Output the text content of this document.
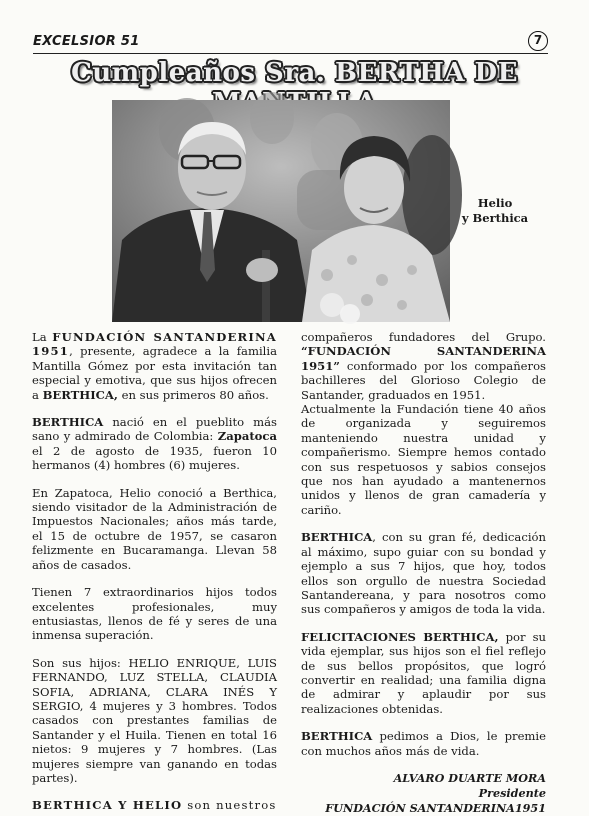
EXCELSIOR 51	7
Cumpleaños Sra. BERTHA DE
Helio
y Berthica

La FUNDACIÓN SANTANDERINA 1951, presente, agradece a la familia Mantilla Gómez por esta invitación tan especial y emotiva, que sus hijos ofrecen a BERTHICA, en sus primeros 80 años.

BERTHICA nació en el pueblito más sano y admirado de Colombia: Zapatoca el 2 de agosto de 1935, fueron 10 hermanos (4) hombres (6) mujeres.

En Zapatoca, Helio conoció a Berthica, siendo visitador de la Administración de Impuestos Nacionales; años más tarde, el 15 de octubre de 1957, se casaron felizmente en Bucaramanga. Llevan 58 años de casados.

Tienen 7 extraordinarios hijos todos excelentes profesionales, muy entusiastas, llenos de fé y seres de una inmensa superación.

Son sus hijos: HELIO ENRIQUE, LUIS FERNANDO, LUZ STELLA, CLAUDIA SOFIA, ADRIANA, CLARA INÉS Y SERGIO, 4 mujeres y 3 hombres. Todos casados con prestantes familias de Santander y el Huila. Tienen en total 16 nietos: 9 mujeres y 7 hombres. (Las mujeres siempre van ganando en todas partes).

BERTHICA Y HELIO son nuestros

compañeros fundadores del Grupo. “FUNDACIÓN SANTANDERINA 1951” conformado por los compañeros bachilleres del Glorioso Colegio de Santander, graduados en 1951.

Actualmente la Fundación tiene 40 años de organizada y seguiremos manteniendo nuestra unidad y compañerismo. Siempre hemos contado con sus respetuosos y sabios consejos que nos han ayudado a mantenernos unidos y llenos de gran camadería y cariño.

BERTHICA, con su gran fé, dedicación al máximo, supo guiar con su bondad y ejemplo a sus 7 hijos, que hoy, todos ellos son orgullo de nuestra Sociedad Santandereana, y para nosotros como sus compañeros y amigos de toda la vida.

FELICITACIONES BERTHICA, por su vida ejemplar, sus hijos son el fiel reflejo de sus bellos propósitos, que logró convertir en realidad; una familia digna de admirar y aplaudir por sus realizaciones obtenidas.

BERTHICA pedimos a Dios, le premie con muchos años más de vida.

ALVARO DUARTE MORA
Presidente
FUNDACIÓN SANTANDERINA1951
